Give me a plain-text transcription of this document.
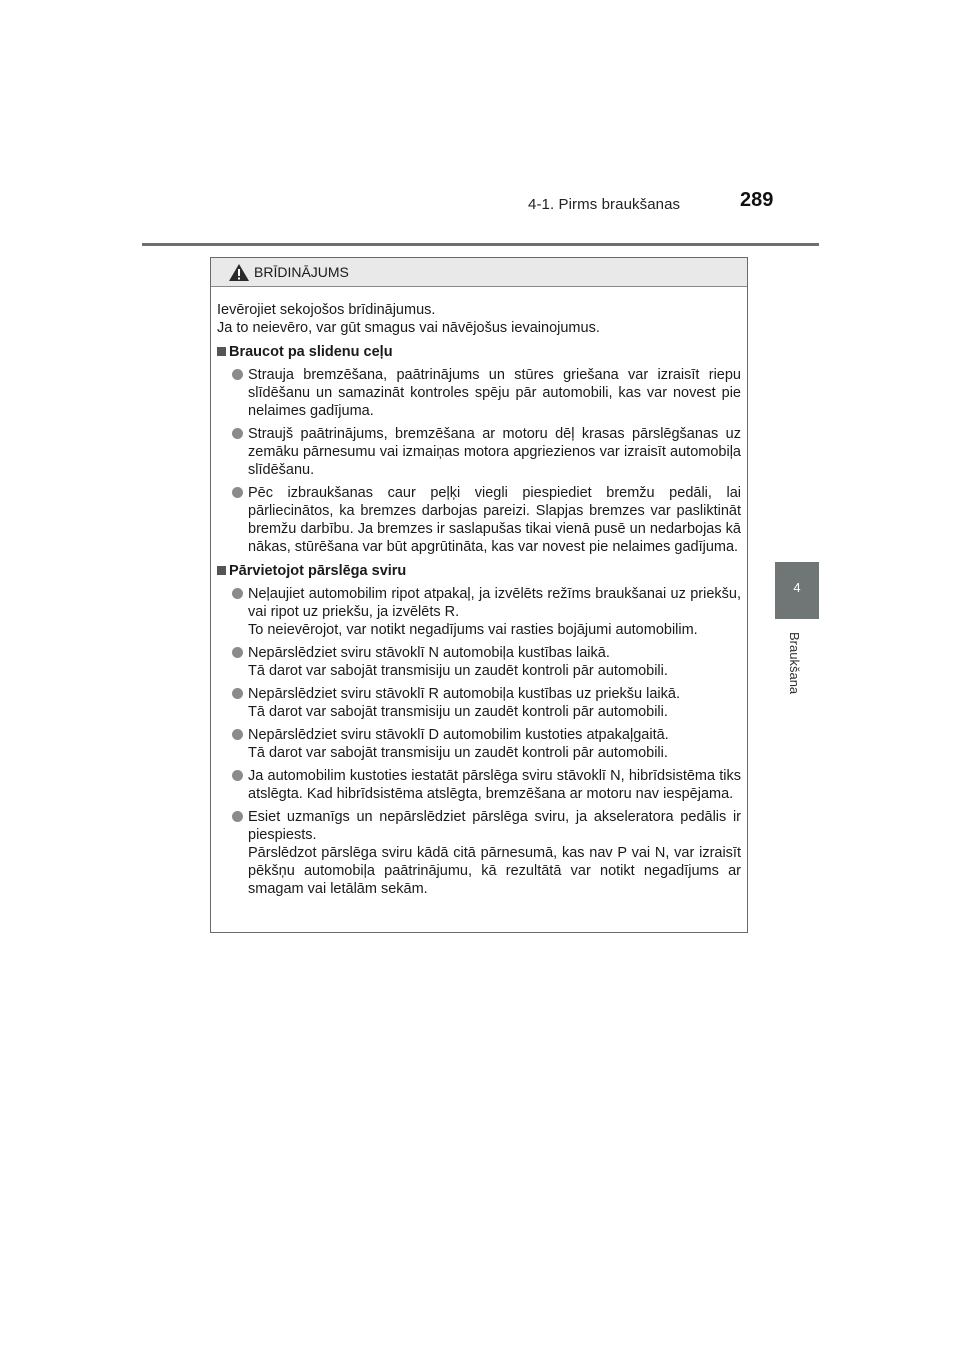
4-1. Pirms braukšanas	289
4
Braukšana
BRĪDINĀJUMS

Ievērojiet sekojošos brīdinājumus.

Ja to neievēro, var gūt smagus vai nāvējošus ievainojumus.

Braucot pa slidenu ceļu
Strauja bremzēšana, paātrinājums un stūres griešana var izraisīt riepu slīdēšanu un samazināt kontroles spēju pār automobili, kas var novest pie nelaimes gadījuma.
Straujš paātrinājums, bremzēšana ar motoru dēļ krasas pārslēgšanas uz zemāku pārnesumu vai izmaiņas motora apgriezienos var izraisīt automobiļa slīdēšanu.
Pēc izbraukšanas caur peļķi viegli piespiediet bremžu pedāli, lai pārliecinātos, ka bremzes darbojas pareizi. Slapjas bremzes var pasliktināt bremžu darbību. Ja bremzes ir saslapušas tikai vienā pusē un nedarbojas kā nākas, stūrēšana var būt apgrūtināta, kas var novest pie nelaimes gadījuma.
Pārvietojot pārslēga sviru
Neļaujiet automobilim ripot atpakaļ, ja izvēlēts režīms braukšanai uz priekšu, vai ripot uz priekšu, ja izvēlēts R.
To neievērojot, var notikt negadījums vai rasties bojājumi automobilim.
Nepārslēdziet sviru stāvoklī N automobiļa kustības laikā.
Tā darot var sabojāt transmisiju un zaudēt kontroli pār automobili.
Nepārslēdziet sviru stāvoklī R automobiļa kustības uz priekšu laikā.
Tā darot var sabojāt transmisiju un zaudēt kontroli pār automobili.
Nepārslēdziet sviru stāvoklī D automobilim kustoties atpakaļgaitā.
Tā darot var sabojāt transmisiju un zaudēt kontroli pār automobili.
Ja automobilim kustoties iestatāt pārslēga sviru stāvoklī N, hibrīdsistēma tiks atslēgta. Kad hibrīdsistēma atslēgta, bremzēšana ar motoru nav iespējama.
Esiet uzmanīgs un nepārslēdziet pārslēga sviru, ja akseleratora pedālis ir piespiests.
Pārslēdzot pārslēga sviru kādā citā pārnesumā, kas nav P vai N, var izraisīt pēkšņu automobiļa paātrinājumu, kā rezultātā var notikt negadījums ar smagam vai letālām sekām.
